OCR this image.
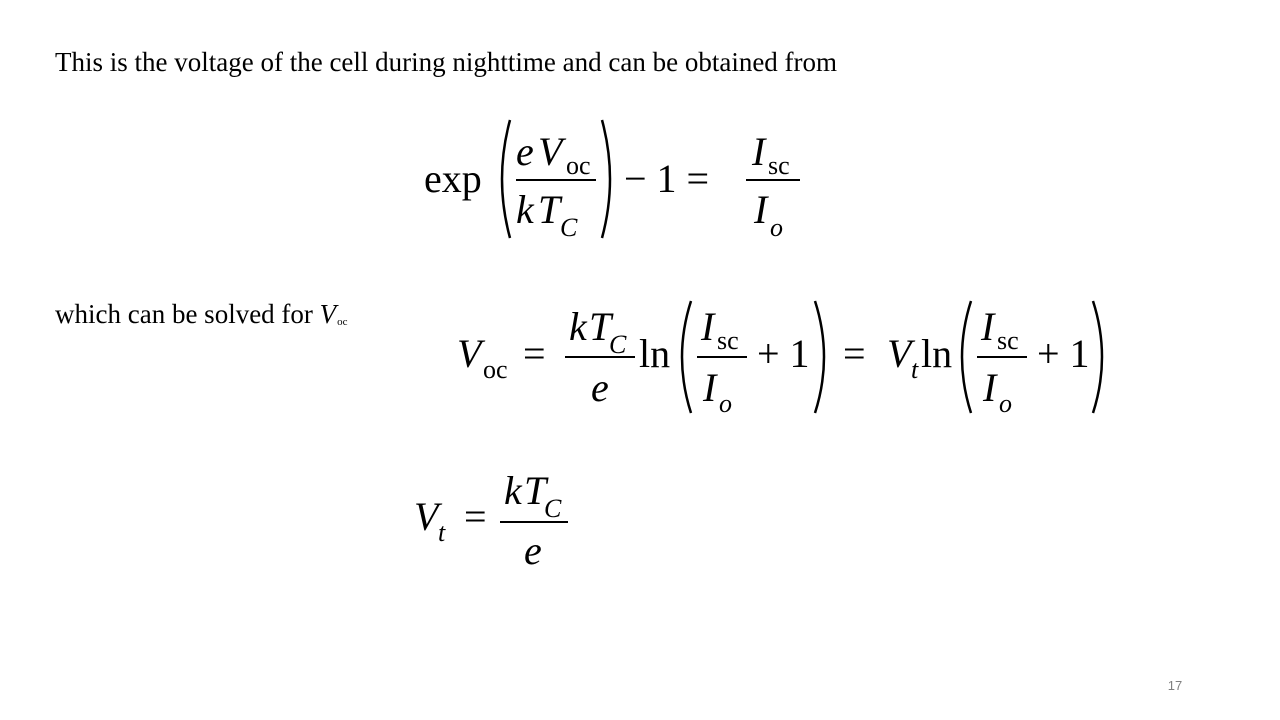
This is the voltage of the cell during nighttime and can be obtained from
exp
e V oc
k T C
− 1 =
I sc
I o
which can be solved for Voc
V oc =
k T
C
e
ln
I sc
I o
+ 1 = V t ln
I sc
I o
+ 1
V t =
k T
C
e
17
